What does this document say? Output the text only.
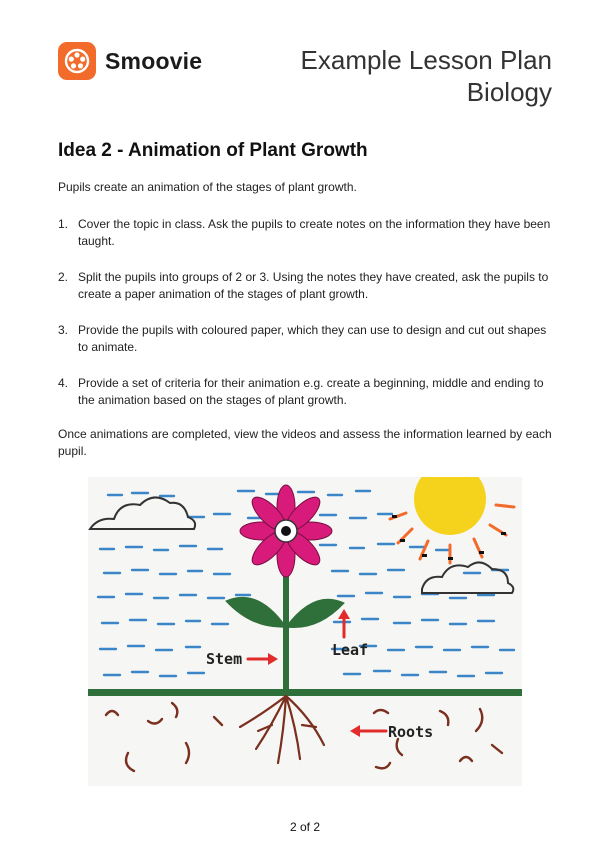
Smoovie	Example Lesson Plan
Biology
Idea 2 - Animation of Plant Growth

Pupils create an animation of the stages of plant growth.

1. Cover the topic in class. Ask the pupils to create notes on the information they have been taught.
2. Split the pupils into groups of 2 or 3. Using the notes they have created, ask the pupils to create a paper animation of the stages of plant growth.
3. Provide the pupils with coloured paper, which they can use to design and cut out shapes to animate.
4. Provide a set of criteria for their animation e.g. create a beginning, middle and ending to the animation based on the stages of plant growth.

Once animations are completed, view the videos and assess the information learned by each pupil.

Stem	Leaf
Roots
2 of 2
